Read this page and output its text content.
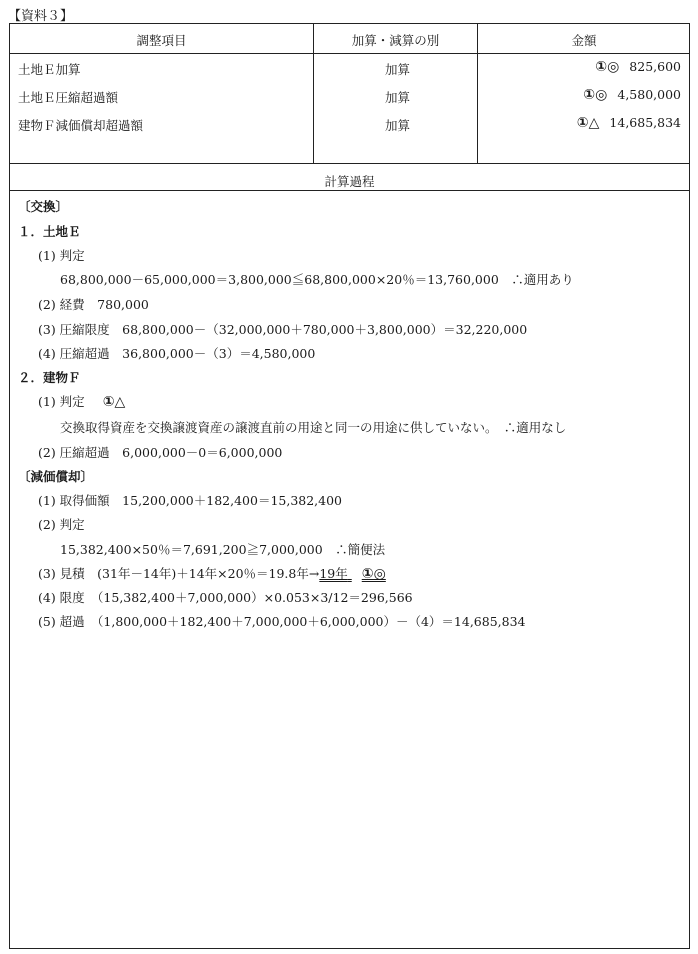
【資料３】
調整項目	加算・減算の別	金額
土地Ｅ加算	加算	①◎ 825,600
土地Ｅ圧縮超過額	加算	①◎ 4,580,000
建物Ｆ減価償却超過額	加算	①△ 14,685,834
計算過程
〔交換〕
１．土地Ｅ
(1) 判定
68,800,000－65,000,000＝3,800,000≦68,800,000×20％＝13,760,000　∴適用あり
(2) 経費　780,000
(3) 圧縮限度　68,800,000－（32,000,000＋780,000＋3,800,000）＝32,220,000
(4) 圧縮超過　36,800,000－（3）＝4,580,000
２．建物Ｆ
(1) 判定 ①△
交換取得資産を交換譲渡資産の譲渡直前の用途と同一の用途に供していない。　∴適用なし
(2) 圧縮超過　6,000,000－0＝6,000,000
〔減価償却〕
(1) 取得価額　15,200,000＋182,400＝15,382,400
(2) 判定
15,382,400×50％＝7,691,200≧7,000,000　∴簡便法
(3) 見積　(31年－14年)＋14年×20％＝19.8年→19年 ①◎
(4) 限度　（15,382,400＋7,000,000）×0.053×3/12＝296,566
(5) 超過　（1,800,000＋182,400＋7,000,000＋6,000,000）－（4）＝14,685,834
